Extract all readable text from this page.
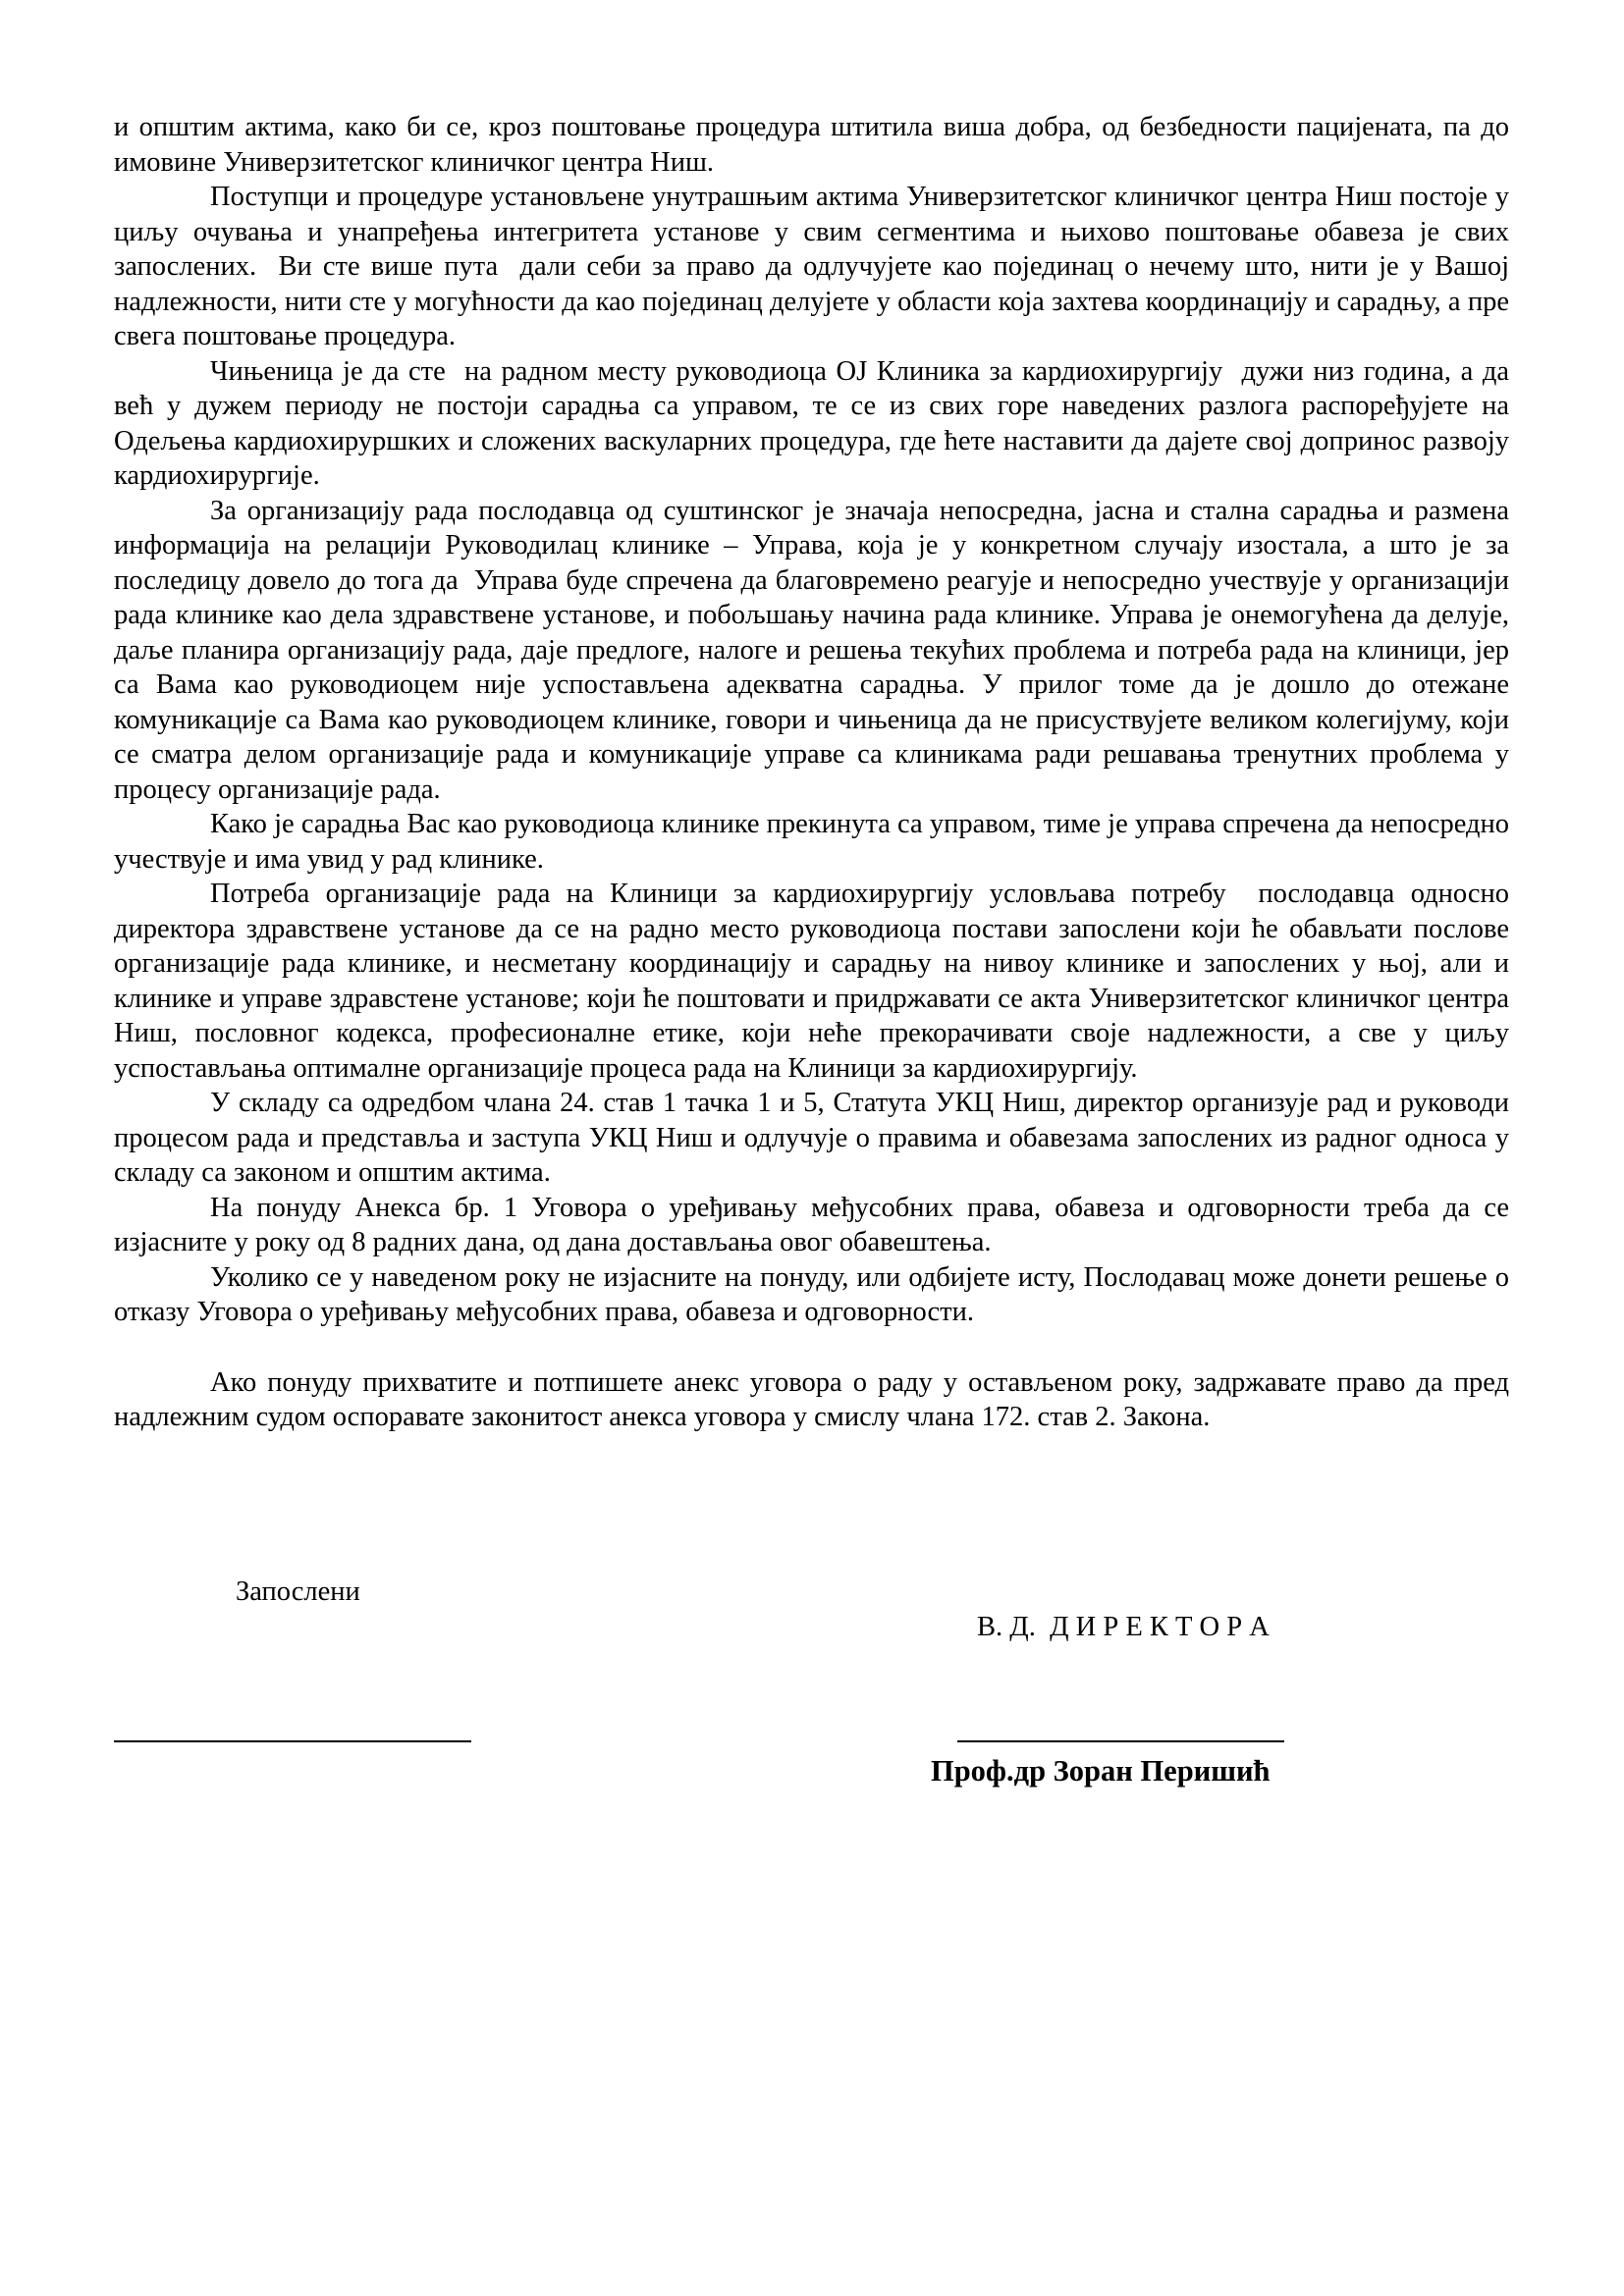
и општим актима, како би се, кроз поштовање процедура штитила виша добра, од безбедности пацијената, па до имовине Универзитетског клиничког центра Ниш.

Поступци и процедуре установљене унутрашњим актима Универзитетског клиничког центра Ниш постоје у циљу очувања и унапређења интегритета установе у свим сегментима и њихово поштовање обавеза је свих запослених.  Ви сте више пута  дали себи за право да одлучујете као појединац о нечему што, нити је у Вашој надлежности, нити сте у могућности да као појединац делујете у области која захтева координацију и сарадњу, а пре свега поштовање процедура.

Чињеница је да сте  на радном месту руководиоца ОЈ Клиника за кардиохирургију  дужи низ година, а да већ у дужем периоду не постоји сарадња са управом, те се из свих горе наведених разлога распоређујете на Одељења кардиохируршких и сложених васкуларних процедура, где ћете наставити да дајете свој допринос развоју кардиохирургије.

За организацију рада послодавца од суштинског је значаја непосредна, јасна и стална сарадња и размена информација на релацији Руководилац клинике – Управа, која је у конкретном случају изостала, а што је за последицу довело до тога да  Управа буде спречена да благовремено реагује и непосредно учествује у организацији рада клинике као дела здравствене установе, и побољшању начина рада клинике. Управа је онемогућена да делује, даље планира организацију рада, даје предлоге, налоге и решења текућих проблема и потреба рада на клиници, јер са Вама као руководиоцем није успостављена адекватна сарадња. У прилог томе да је дошло до отежане комуникације са Вама као руководиоцем клинике, говори и чињеница да не присуствујете великом колегијуму, који се сматра делом организације рада и комуникације управе са клиникама ради решавања тренутних проблема у процесу организације рада.

Како је сарадња Вас као руководиоца клинике прекинута са управом, тиме је управа спречена да непосредно учествује и има увид у рад клинике.

Потреба организације рада на Клиници за кардиохирургију условљава потребу  послодавца односно директора здравствене установе да се на радно место руководиоца постави запослени који ће обављати послове организације рада клинике, и несметану координацију и сарадњу на нивоу клинике и запослених у њој, али и клинике и управе здравстене установе; који ће поштовати и придржавати се акта Универзитетског клиничког центра Ниш, пословног кодекса, професионалне етике, који неће прекорачивати своје надлежности, а све у циљу успостављања оптималне организације процеса рада на Клиници за кардиохирургију.

У складу са одредбом члана 24. став 1 тачка 1 и 5, Статута УКЦ Ниш, директор организује рад и руководи процесом рада и представља и заступа УКЦ Ниш и одлучује о правима и обавезама запослених из радног односа у складу са законом и општим актима.

На понуду Анекса бр. 1 Уговора о уређивању међусобних права, обавеза и одговорности треба да се изјасните у року од 8 радних дана, од дана достављања овог обавештења.

Уколико се у наведеном року не изјасните на понуду, или одбијете исту, Послодавац може донети решење о отказу Уговора о уређивању међусобних права, обавеза и одговорности.

Ако понуду прихватите и потпишете анекс уговора о раду у остављеном року, задржавате право да пред надлежним судом оспоравате законитост анекса уговора у смислу члана 172. став 2. Закона.

Запослени
В. Д.  Д И Р Е К Т О Р А
Проф.др Зоран Перишић
